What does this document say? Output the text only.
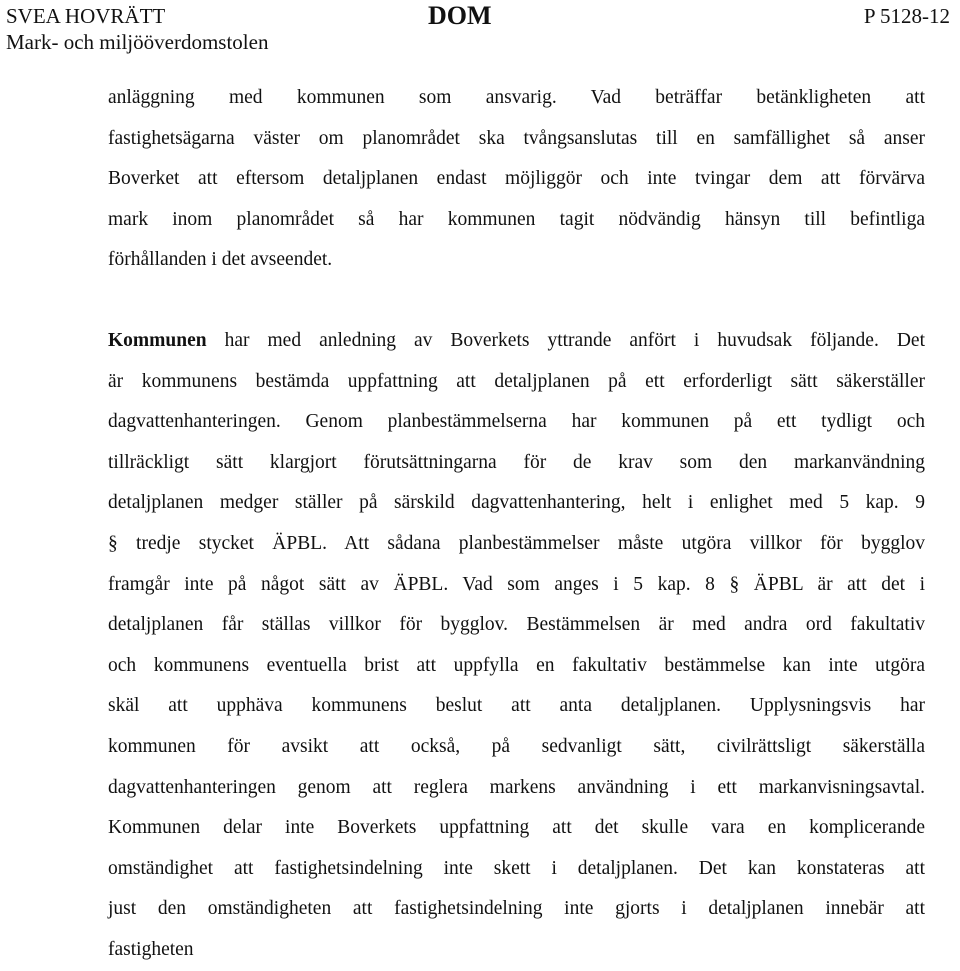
SVEA HOVRÄTT
Mark- och miljööverdomstolen
DOM	P 5128-12
anläggning med kommunen som ansvarig. Vad beträffar betänkligheten att
fastighetsägarna väster om planområdet ska tvångsanslutas till en samfällighet så anser
Boverket att eftersom detaljplanen endast möjliggör och inte tvingar dem att förvärva
mark inom planområdet så har kommunen tagit nödvändig hänsyn till befintliga
förhållanden i det avseendet.
Kommunen har med anledning av Boverkets yttrande anfört i huvudsak följande. Det
är kommunens bestämda uppfattning att detaljplanen på ett erforderligt sätt säkerställer
dagvattenhanteringen. Genom planbestämmelserna har kommunen på ett tydligt och
tillräckligt sätt klargjort förutsättningarna för de krav som den markanvändning
detaljplanen medger ställer på särskild dagvattenhantering, helt i enlighet med 5 kap. 9
§ tredje stycket ÄPBL. Att sådana planbestämmelser måste utgöra villkor för bygglov
framgår inte på något sätt av ÄPBL. Vad som anges i 5 kap. 8 § ÄPBL är att det i
detaljplanen får ställas villkor för bygglov. Bestämmelsen är med andra ord fakultativ
och kommunens eventuella brist att uppfylla en fakultativ bestämmelse kan inte utgöra
skäl att upphäva kommunens beslut att anta detaljplanen. Upplysningsvis har
kommunen för avsikt att också, på sedvanligt sätt, civilrättsligt säkerställa
dagvattenhanteringen genom att reglera markens användning i ett markanvisningsavtal.
Kommunen delar inte Boverkets uppfattning att det skulle vara en komplicerande
omständighet att fastighetsindelning inte skett i detaljplanen. Det kan konstateras att
just den omständigheten att fastighetsindelning inte gjorts i detaljplanen innebär att
fastigheten
